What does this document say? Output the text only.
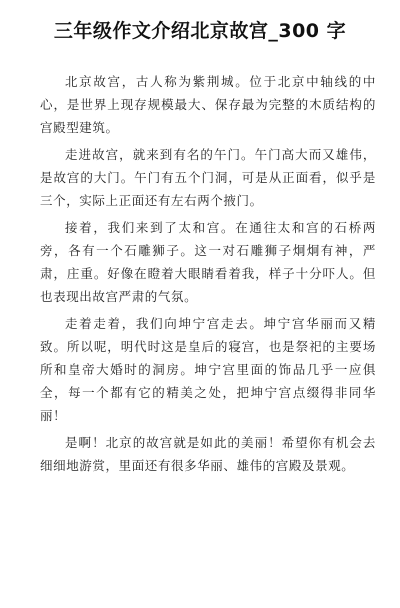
三年级作文介绍北京故宫_300 字

北京故宫，古人称为紫荆城。位于北京中轴线的中心，是世界上现存规模最大、保存最为完整的木质结构的宫殿型建筑。

走进故宫，就来到有名的午门。午门高大而又雄伟，是故宫的大门。午门有五个门洞，可是从正面看，似乎是三个，实际上正面还有左右两个掖门。

接着，我们来到了太和宫。在通往太和宫的石桥两旁，各有一个石雕狮子。这一对石雕狮子炯炯有神，严肃，庄重。好像在瞪着大眼睛看着我，样子十分吓人。但也表现出故宫严肃的气氛。

走着走着，我们向坤宁宫走去。坤宁宫华丽而又精致。所以呢，明代时这是皇后的寝宫，也是祭祀的主要场所和皇帝大婚时的洞房。坤宁宫里面的饰品几乎一应俱全，每一个都有它的精美之处，把坤宁宫点缀得非同华丽！

是啊！北京的故宫就是如此的美丽！希望你有机会去细细地游赏，里面还有很多华丽、雄伟的宫殿及景观。
